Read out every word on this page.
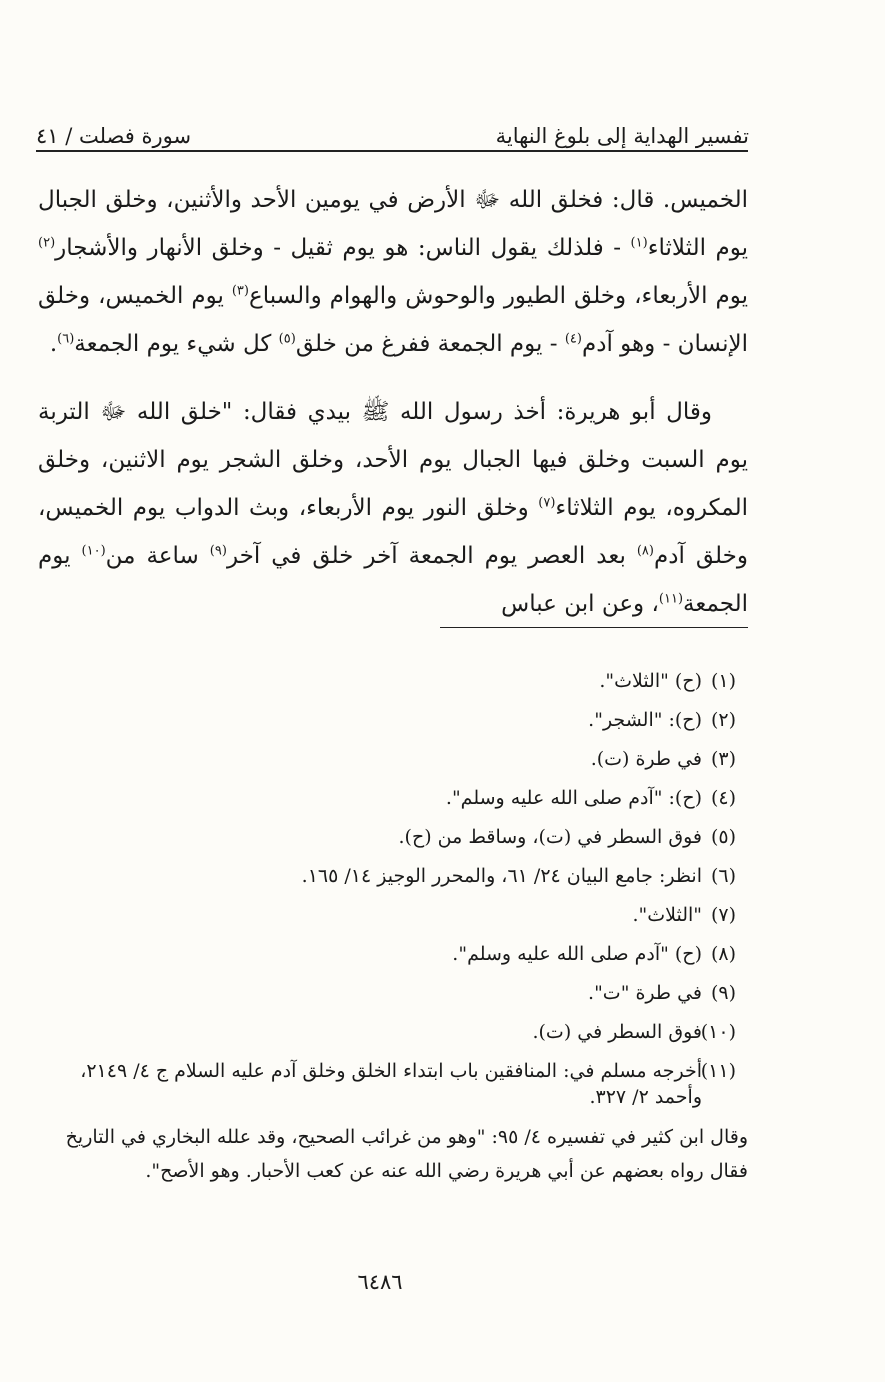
تفسير الهداية إلى بلوغ النهاية
سورة فصلت / ٤١

الخميس. قال: فخلق الله ﷻ الأرض في يومين الأحد والأثنين، وخلق الجبال يوم الثلاثاء$^{(١)}$ - فلذلك يقول الناس: هو يوم ثقيل - وخلق الأنهار والأشجار$^{(٢)}$ يوم الأربعاء، وخلق الطيور والوحوش والهوام والسباع$^{(٣)}$ يوم الخميس، وخلق الإنسان - وهو آدم$^{(٤)}$ - يوم الجمعة ففرغ من خلق$^{(٥)}$ كل شيء يوم الجمعة$^{(٦)}$.

وقال أبو هريرة: أخذ رسول الله ﷺ بيدي فقال: "خلق الله ﷻ التربة يوم السبت وخلق فيها الجبال يوم الأحد، وخلق الشجر يوم الاثنين، وخلق المكروه، يوم الثلاثاء$^{(٧)}$ وخلق النور يوم الأربعاء، وبث الدواب يوم الخميس، وخلق آدم$^{(٨)}$ بعد العصر يوم الجمعة آخر خلق في آخر$^{(٩)}$ ساعة من$^{(١٠)}$ يوم الجمعة$^{(١١)}$، وعن ابن عباس

(١)
(ح) "الثلاث".
(٢)
(ح): "الشجر".
(٣)
في طرة (ت).
(٤)
(ح): "آدم صلى الله عليه وسلم".
(٥)
فوق السطر في (ت)، وساقط من (ح).
(٦)
انظر: جامع البيان ٢٤/ ٦١، والمحرر الوجيز ١٤/ ١٦٥.
(٧)
"الثلاث".
(٨)
(ح) "آدم صلى الله عليه وسلم".
(٩)
في طرة "ت".
(١٠)
فوق السطر في (ت).
(١١)
أخرجه مسلم في: المنافقين باب ابتداء الخلق وخلق آدم عليه السلام ج ٤/ ٢١٤٩، وأحمد ٢/ ٣٢٧.
وقال ابن كثير في تفسيره ٤/ ٩٥: "وهو من غرائب الصحيح، وقد علله البخاري في التاريخ
فقال رواه بعضهم عن أبي هريرة رضي الله عنه عن كعب الأحبار. وهو الأصح".
٦٤٨٦
